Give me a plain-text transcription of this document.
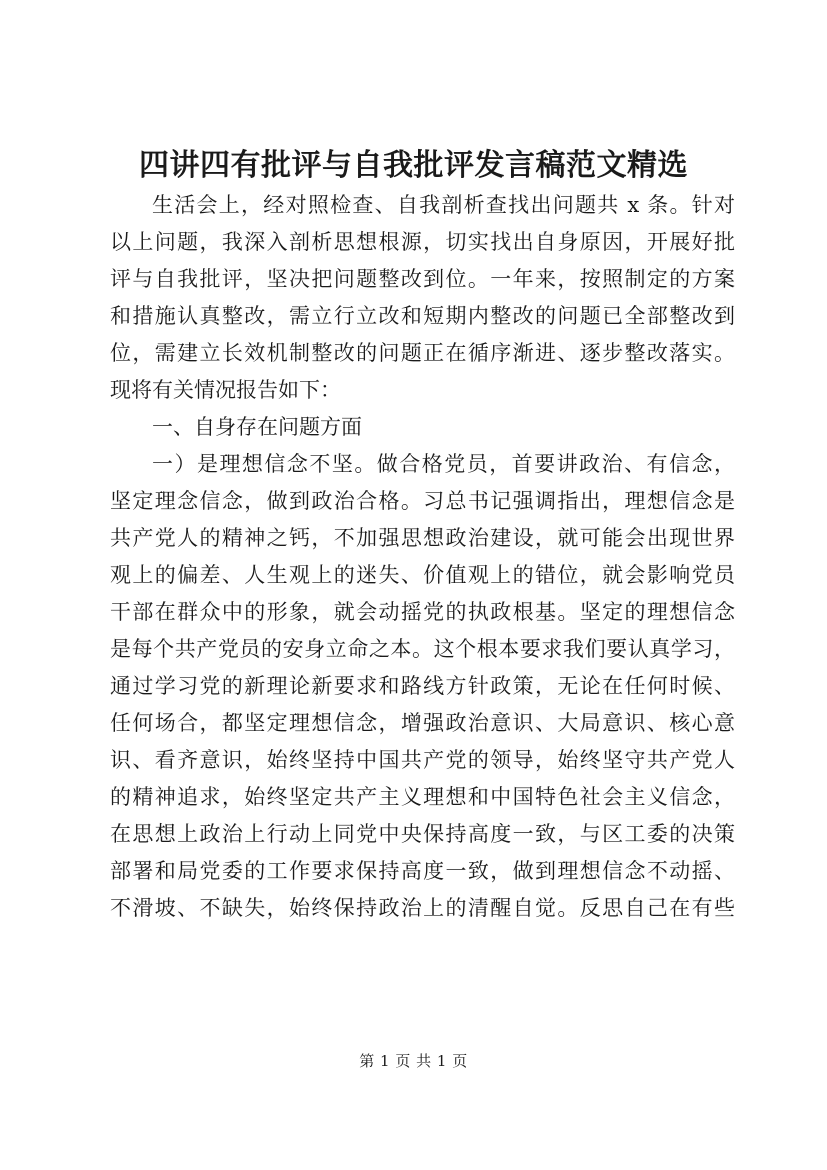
四讲四有批评与自我批评发言稿范文精选
生活会上，经对照检查、自我剖析查找出问题共 x 条。针对
以上问题，我深入剖析思想根源，切实找出自身原因，开展好批
评与自我批评，坚决把问题整改到位。一年来，按照制定的方案
和措施认真整改，需立行立改和短期内整改的问题已全部整改到
位，需建立长效机制整改的问题正在循序渐进、逐步整改落实。
现将有关情况报告如下：
一、自身存在问题方面
一）是理想信念不坚。做合格党员，首要讲政治、有信念，
坚定理念信念，做到政治合格。习总书记强调指出，理想信念是
共产党人的精神之钙，不加强思想政治建设，就可能会出现世界
观上的偏差、人生观上的迷失、价值观上的错位，就会影响党员
干部在群众中的形象，就会动摇党的执政根基。坚定的理想信念
是每个共产党员的安身立命之本。这个根本要求我们要认真学习，
通过学习党的新理论新要求和路线方针政策，无论在任何时候、
任何场合，都坚定理想信念，增强政治意识、大局意识、核心意
识、看齐意识，始终坚持中国共产党的领导，始终坚守共产党人
的精神追求，始终坚定共产主义理想和中国特色社会主义信念，
在思想上政治上行动上同党中央保持高度一致，与区工委的决策
部署和局党委的工作要求保持高度一致，做到理想信念不动摇、
不滑坡、不缺失，始终保持政治上的清醒自觉。反思自己在有些
第 1 页 共 1 页
